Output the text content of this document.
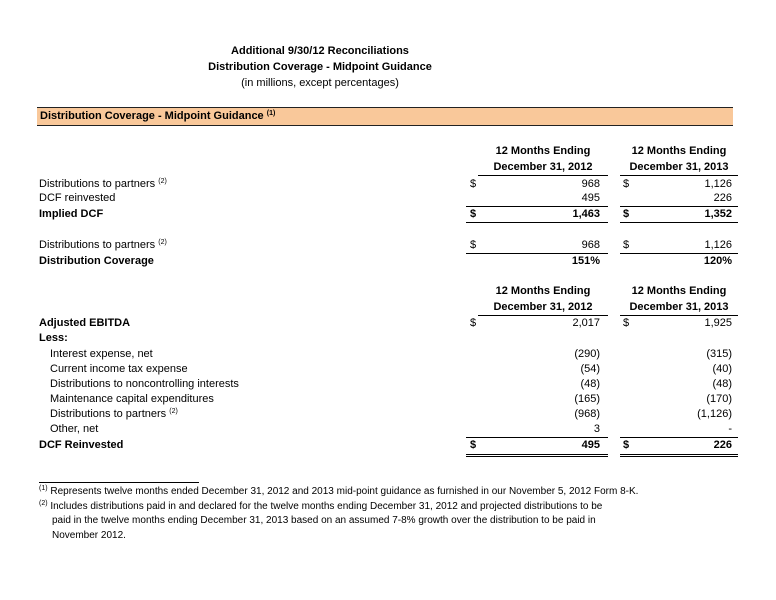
Additional 9/30/12 Reconciliations
Distribution Coverage - Midpoint Guidance
(in millions, except percentages)
Distribution Coverage - Midpoint Guidance $^{(1)}$
12 Months Ending
December 31, 2012
12 Months Ending
December 31, 2013
Distributions to partners $^{(2)}$	$	968 $	1,126
DCF reinvested	495	226
Implied DCF	$	1,463 $	1,352
Distributions to partners $^{(2)}$	$	968 $	1,126
Distribution Coverage	151%	120%
12 Months Ending
December 31, 2012
12 Months Ending
December 31, 2013
Adjusted EBITDA	$	2,017 $	1,925
Less:
Interest expense, net	(290)	(315)
Current income tax expense	(54)	(40)
Distributions to noncontrolling interests	(48)	(48)
Maintenance capital expenditures	(165)	(170)
Distributions to partners $^{(2)}$	(968)	(1,126)
Other, net	3	-
DCF Reinvested	$	495 $	226
$^{(1)}$ Represents twelve months ended December 31, 2012 and 2013 mid-point guidance as furnished in our November 5, 2012 Form 8-K.
$^{(2)}$ Includes distributions paid in and declared for the twelve months ending December 31, 2012 and projected distributions to be
paid in the twelve months ending December 31, 2013 based on an assumed 7-8% growth over the distribution to be paid in
November 2012.
